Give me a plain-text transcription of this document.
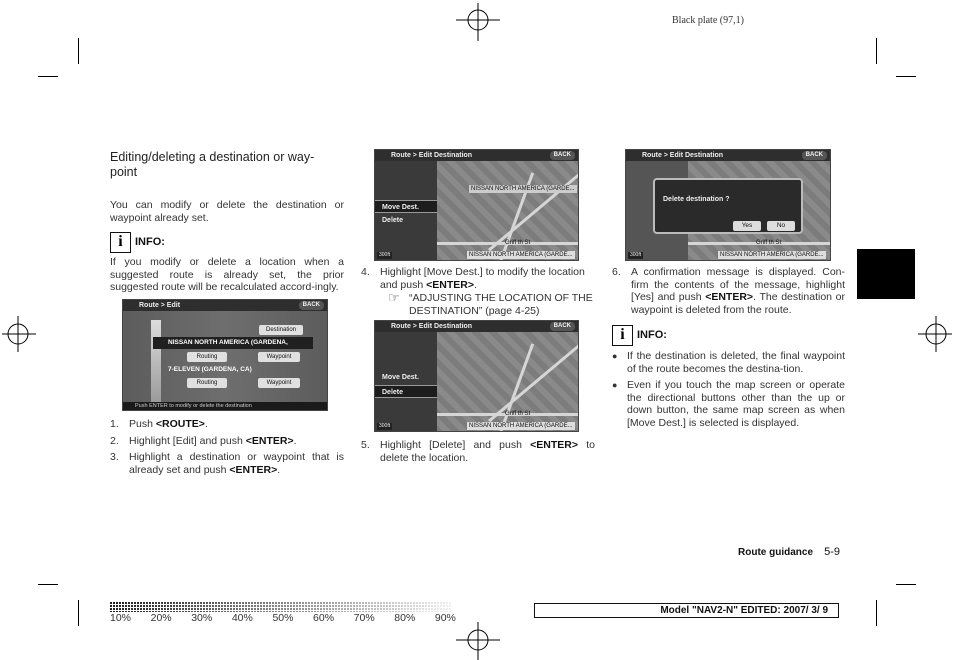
Black plate (97,1)
Editing/deleting a destination or way-point

You can modify or delete the destination or waypoint already set.

i	INFO:

If you modify or delete a location when a suggested route is already set, the prior suggested route will be recalculated accord-ingly.

Route > Edit	BACK
Destination
NISSAN NORTH AMERICA (GARDENA,
Routing	Waypoint
7-ELEVEN (GARDENA, CA)
Routing	Waypoint
Push ENTER to modify or delete the destination
1. Push <ROUTE>.
2. Highlight [Edit] and push <ENTER>.
3. Highlight a destination or waypoint that is already set and push <ENTER>.
Route > Edit Destination	BACK
Move Dest.
Delete
NISSAN NORTH AMERICA (GARDE...
Griff th St
300ft	NISSAN NORTH AMERICA (GARDE...
4. Highlight [Move Dest.] to modify the location and push <ENTER>.
☞ “ADJUSTING THE LOCATION OF THE DESTINATION” (page 4-25)
Route > Edit Destination	BACK
Move Dest.
Delete
Griff th St
300ft	NISSAN NORTH AMERICA (GARDE...
5. Highlight [Delete] and push <ENTER> to delete the location.
Route > Edit Destination	BACK
Delete destination ?
Yes	No
Griff th St
300ft	NISSAN NORTH AMERICA (GARDE...
6. A confirmation message is displayed. Con-firm the contents of the message, highlight [Yes] and push <ENTER>. The destination or waypoint is deleted from the route.
i	INFO:
● If the destination is deleted, the final waypoint of the route becomes the destina-tion.
● Even if you touch the map screen or operate the directional buttons other than the up or down button, the same map screen as when [Move Dest.] is selected is displayed.
Route guidance 5-9
10% 20% 30% 40% 50% 60% 70% 80% 90%
Model "NAV2-N" EDITED: 2007/ 3/ 9
